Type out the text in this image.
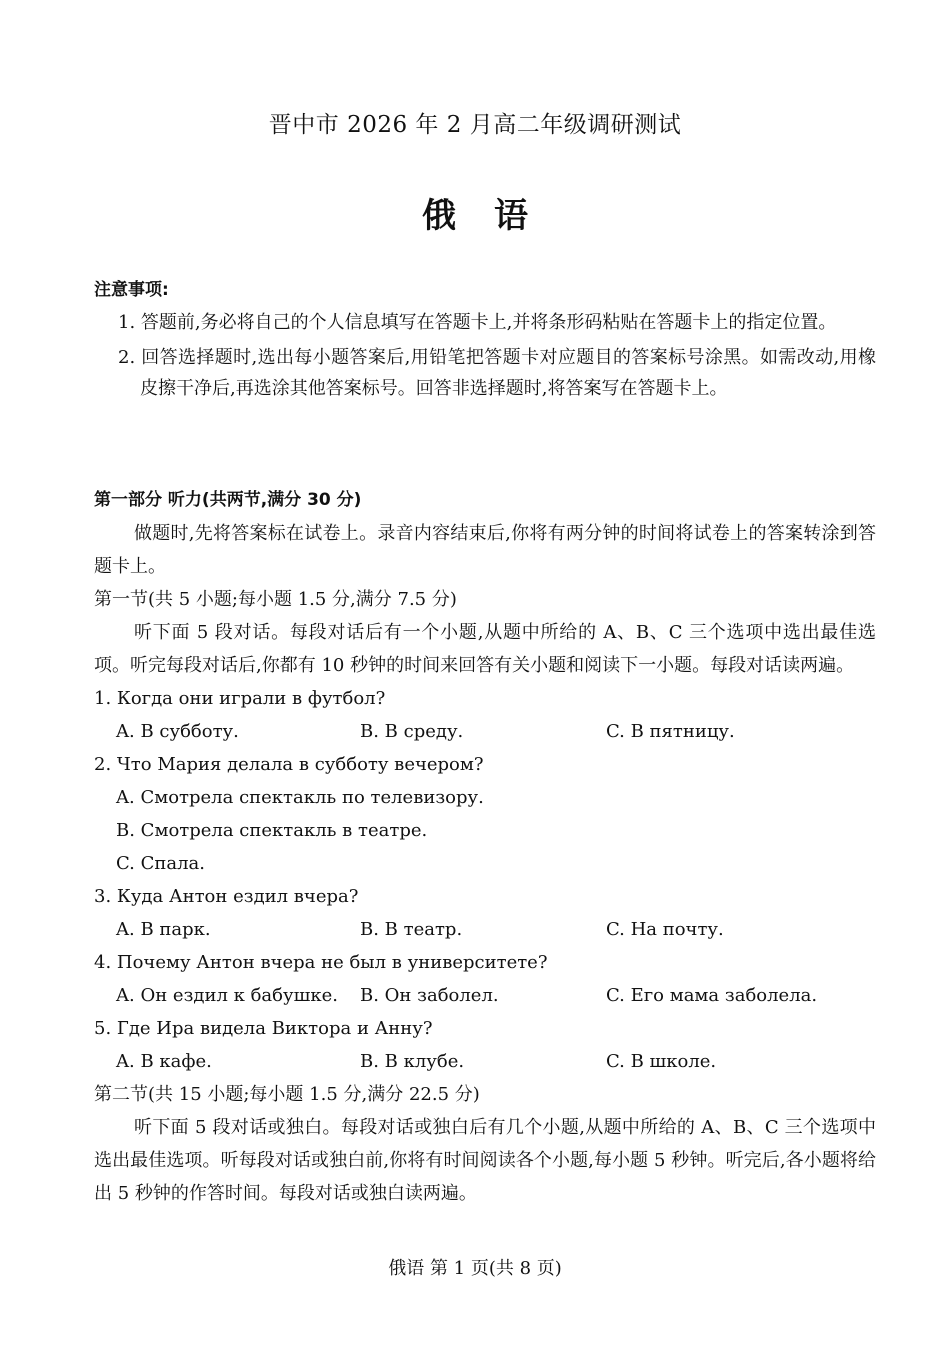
晋中市 2026 年 2 月高二年级调研测试
俄语

注意事项:

1. 答题前,务必将自己的个人信息填写在答题卡上,并将条形码粘贴在答题卡上的指定位置。

2. 回答选择题时,选出每小题答案后,用铅笔把答题卡对应题目的答案标号涂黑。如需改动,用橡皮擦干净后,再选涂其他答案标号。回答非选择题时,将答案写在答题卡上。

第一部分 听力(共两节,满分 30 分)

做题时,先将答案标在试卷上。录音内容结束后,你将有两分钟的时间将试卷上的答案转涂到答题卡上。

第一节(共 5 小题;每小题 1.5 分,满分 7.5 分)

听下面 5 段对话。每段对话后有一个小题,从题中所给的 A、B、C 三个选项中选出最佳选项。听完每段对话后,你都有 10 秒钟的时间来回答有关小题和阅读下一小题。每段对话读两遍。

1. Когда они играли в футбол?

A. В субботу.	B. В среду.	C. В пятницу.

2. Что Мария делала в субботу вечером?

A. Смотрела спектакль по телевизору.

B. Смотрела спектакль в театре.

C. Спала.

3. Куда Антон ездил вчера?

A. В парк.	B. В театр.	C. На почту.

4. Почему Антон вчера не был в университете?

A. Он ездил к бабушке.	B. Он заболел.	C. Его мама заболела.

5. Где Ира видела Виктора и Анну?

A. В кафе.	B. В клубе.	C. В школе.

第二节(共 15 小题;每小题 1.5 分,满分 22.5 分)

听下面 5 段对话或独白。每段对话或独白后有几个小题,从题中所给的 A、B、C 三个选项中选出最佳选项。听每段对话或独白前,你将有时间阅读各个小题,每小题 5 秒钟。听完后,各小题将给出 5 秒钟的作答时间。每段对话或独白读两遍。

俄语 第 1 页(共 8 页)
